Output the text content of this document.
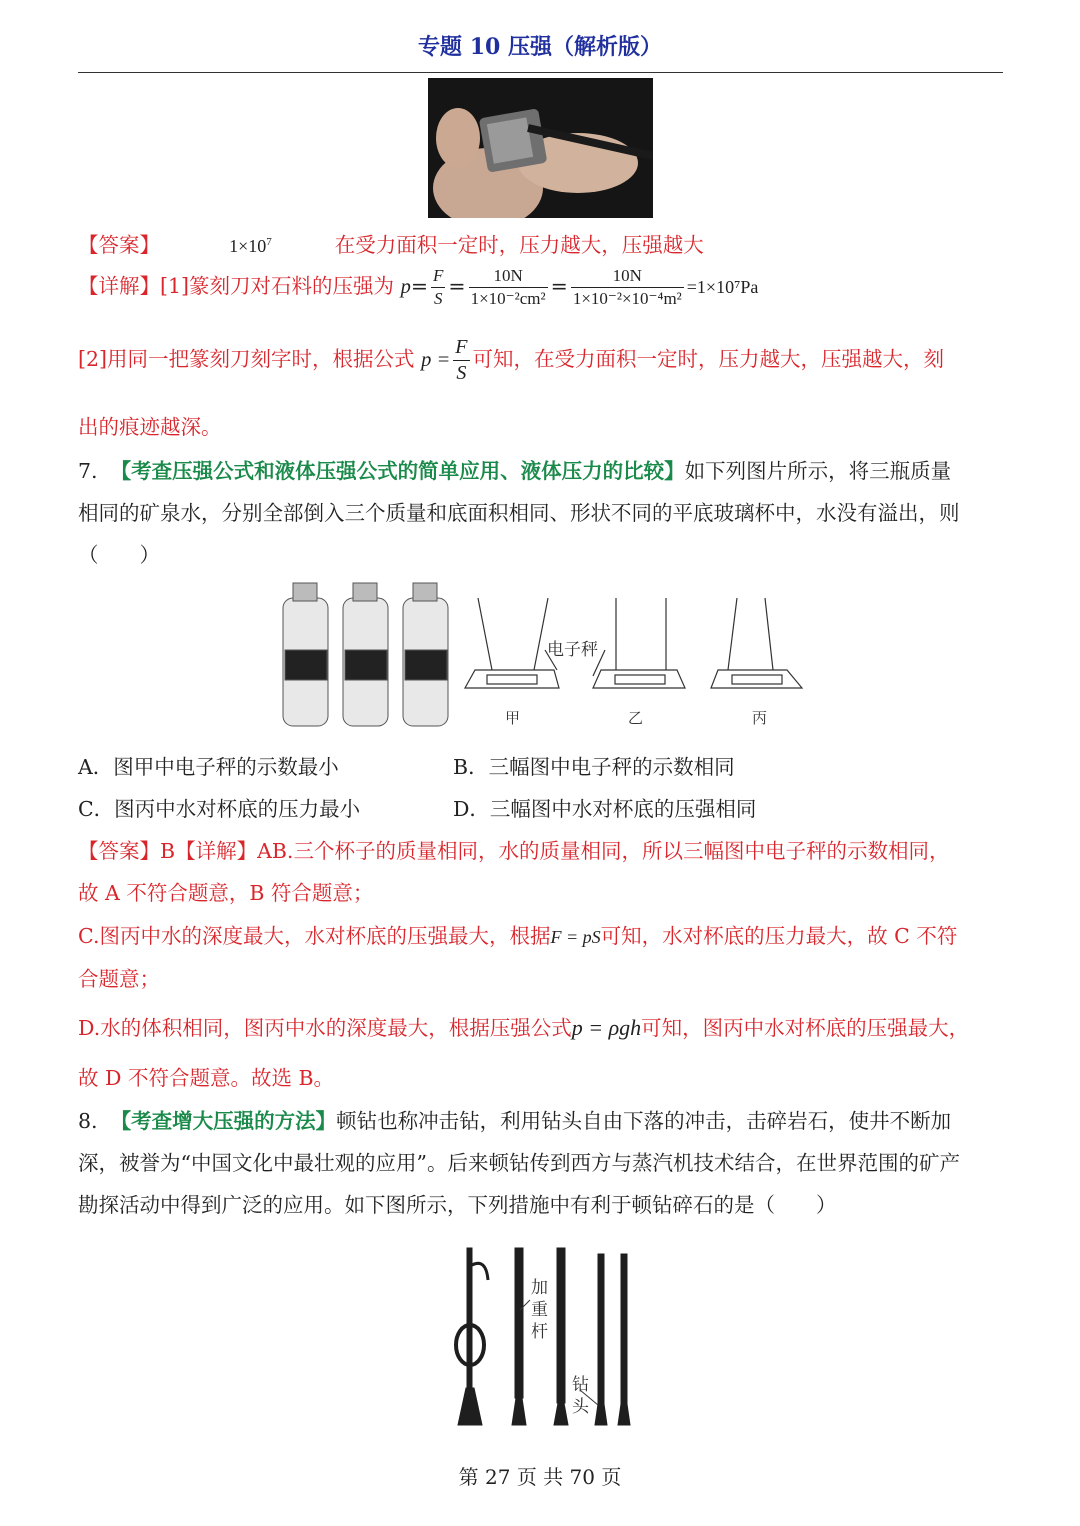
专题 10 压强（解析版）
【答案】	$1\times 10^7$	在受力面积一定时，压力越大，压强越大
【详解】[1]篆刻刀对石料的压强为 $p= \frac{F}{S} = \frac{10N}{\text{1×10⁻²cm²}} = \frac{10N}{\text{1×10⁻²×10⁻⁴m²}} =1\times 10^7Pa$
[2]用同一把篆刻刀刻字时，根据公式 $p = \frac{F}{S}$ 可知，在受力面积一定时，压力越大，压强越大，刻
出的痕迹越深。
7. 【考查压强公式和液体压强公式的简单应用、液体压力的比较】如下列图片所示，将三瓶质量
相同的矿泉水，分别全部倒入三个质量和底面积相同、形状不同的平底玻璃杯中，水没有溢出，则
（　　）
电子秤
甲	乙	丙
A．图甲中电子秤的示数最小	B．三幅图中电子秤的示数相同
C．图丙中水对杯底的压力最小	D．三幅图中水对杯底的压强相同
【答案】B【详解】AB.三个杯子的质量相同，水的质量相同，所以三幅图中电子秤的示数相同，
故 A 不符合题意，B 符合题意；
C.图丙中水的深度最大，水对杯底的压强最大，根据F = pS可知，水对杯底的压力最大，故 C 不符
合题意；
D.水的体积相同，图丙中水的深度最大，根据压强公式p = ρgh可知，图丙中水对杯底的压强最大，
故 D 不符合题意。故选 B。
8. 【考查增大压强的方法】顿钻也称冲击钻，利用钻头自由下落的冲击，击碎岩石，使井不断加
深，被誉为“中国文化中最壮观的应用”。后来顿钻传到西方与蒸汽机技术结合，在世界范围的矿产
勘探活动中得到广泛的应用。如下图所示，下列措施中有利于顿钻碎石的是（　　）
加
重
杆
钻
头
第 27 页 共 70 页
